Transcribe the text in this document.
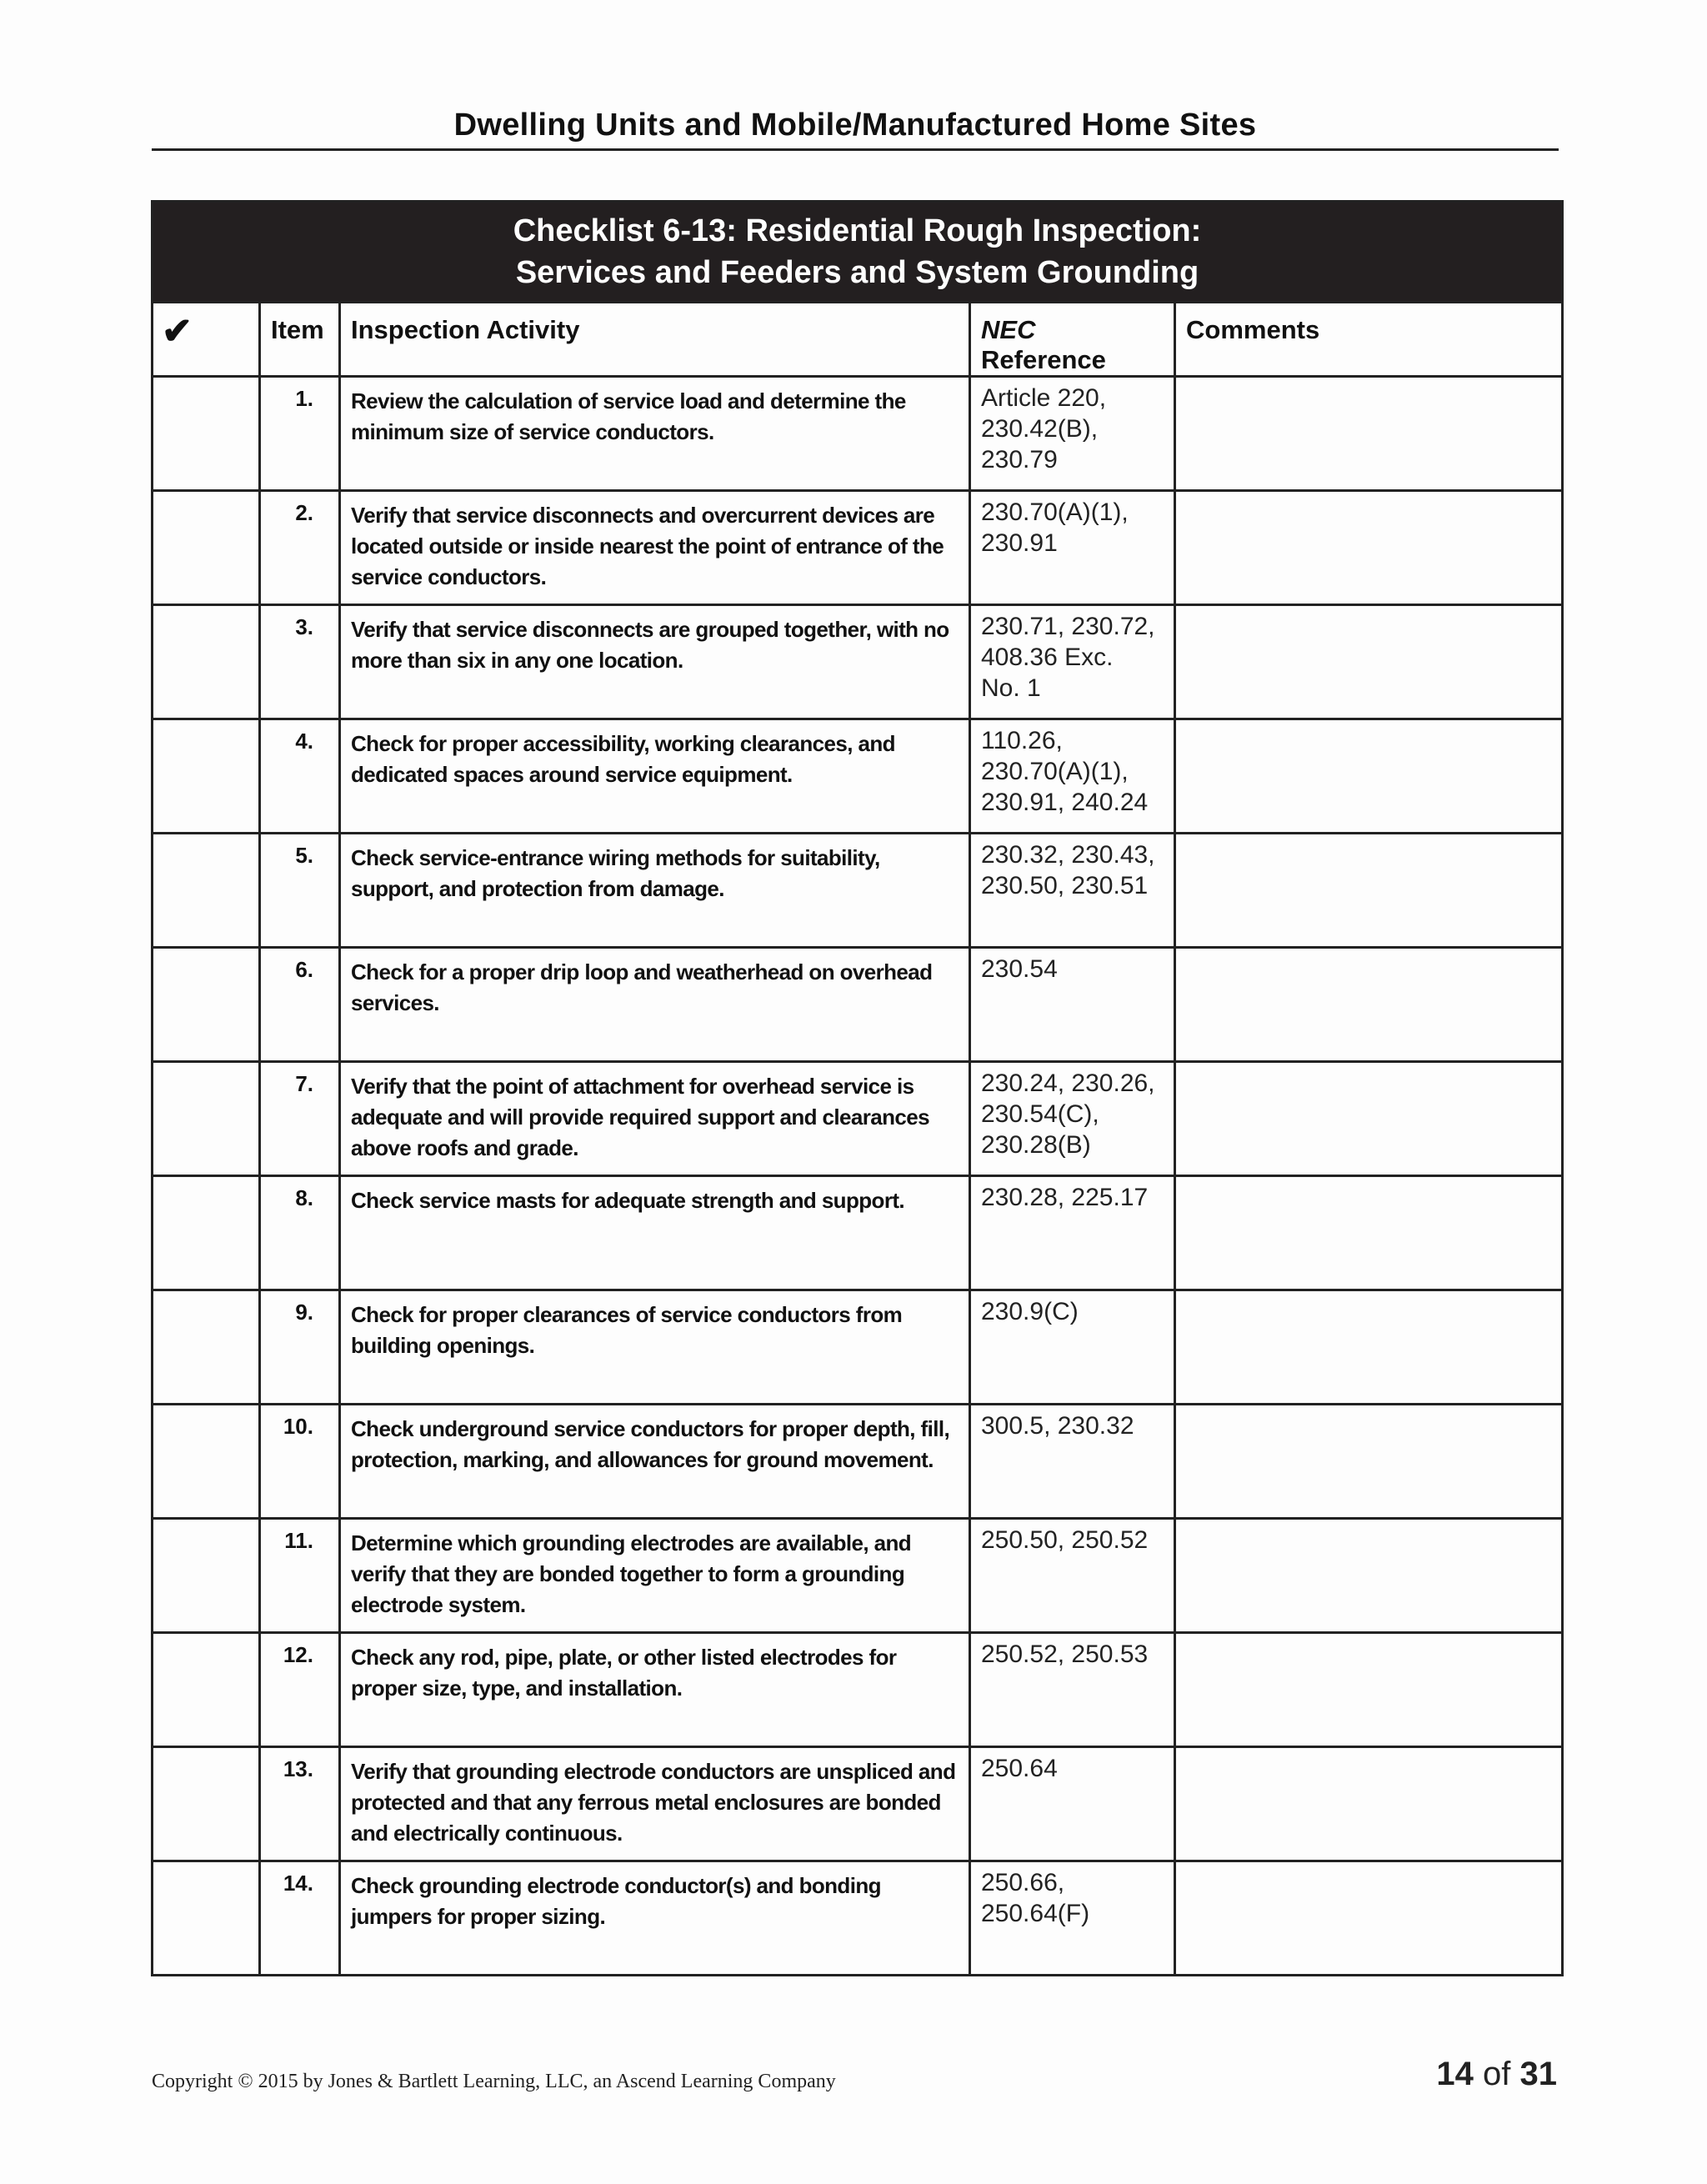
Dwelling Units and Mobile/Manufactured Home Sites
Checklist 6-13: Residential Rough Inspection:
Services and Feeders and System Grounding				

✔	Item	Inspection Activity	NEC Reference	Comments
	1.	Review the calculation of service load and determine the minimum size of service conductors.	Article 220,
230.42(B),
230.79	

	2.	Verify that service disconnects and overcurrent devices are located outside or inside nearest the point of entrance of the service conductors.	230.70(A)(1),
230.91	

	3.	Verify that service disconnects are grouped together, with no more than six in any one location.	230.71, 230.72,
408.36 Exc.
No. 1	

	4.	Check for proper accessibility, working clearances, and dedicated spaces around service equipment.	110.26,
230.70(A)(1),
230.91, 240.24	

	5.	Check service-entrance wiring methods for suitability, support, and protection from damage.	230.32, 230.43,
230.50, 230.51	

	6.	Check for a proper drip loop and weatherhead on overhead services.	230.54	

	7.	Verify that the point of attachment for overhead service is adequate and will provide required support and clearances above roofs and grade.	230.24, 230.26,
230.54(C),
230.28(B)	

	8.	Check service masts for adequate strength and support.	230.28, 225.17	

	9.	Check for proper clearances of service conductors from building openings.	230.9(C)	

	10.	Check underground service conductors for proper depth, fill, protection, marking, and allowances for ground movement.	300.5, 230.32	

	11.	Determine which grounding electrodes are available, and verify that they are bonded together to form a grounding electrode system.	250.50, 250.52	

	12.	Check any rod, pipe, plate, or other listed electrodes for proper size, type, and installation.	250.52, 250.53	

	13.	Verify that grounding electrode conductors are unspliced and protected and that any ferrous metal enclosures are bonded and electrically continuous.	250.64	

	14.	Check grounding electrode conductor(s) and bonding jumpers for proper sizing.	250.66,
250.64(F)	

Copyright © 2015 by Jones & Bartlett Learning, LLC, an Ascend Learning Company	14 of 31
